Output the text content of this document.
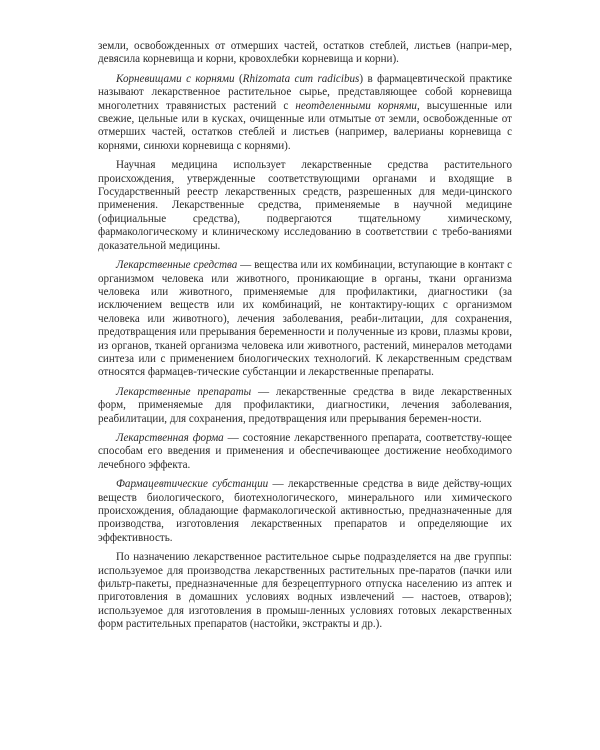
земли, освобожденных от отмерших частей, остатков стеблей, листьев (напри-мер, девясила корневища и корни, кровохлебки корневища и корни).

Корневищами с корнями (Rhizomata cum radicibus) в фармацевтической практике называют лекарственное растительное сырье, представляющее собой корневища многолетних травянистых растений с неотделенными корнями, высушенные или свежие, цельные или в кусках, очищенные или отмытые от земли, освобожденные от отмерших частей, остатков стеблей и листьев (например, валерианы корневища с корнями, синюхи корневища с корнями).

Научная медицина использует лекарственные средства растительного происхождения, утвержденные соответствующими органами и входящие в Государственный реестр лекарственных средств, разрешенных для меди-цинского применения. Лекарственные средства, применяемые в научной медицине (официальные средства), подвергаются тщательному химическому, фармакологическому и клиническому исследованию в соответствии с требо-ваниями доказательной медицины.

Лекарственные средства — вещества или их комбинации, вступающие в контакт с организмом человека или животного, проникающие в органы, ткани организма человека или животного, применяемые для профилактики, диагностики (за исключением веществ или их комбинаций, не контактиру-ющих с организмом человека или животного), лечения заболевания, реаби-литации, для сохранения, предотвращения или прерывания беременности и полученные из крови, плазмы крови, из органов, тканей организма человека или животного, растений, минералов методами синтеза или с применением биологических технологий. К лекарственным средствам относятся фармацев-тические субстанции и лекарственные препараты.

Лекарственные препараты — лекарственные средства в виде лекарственных форм, применяемые для профилактики, диагностики, лечения заболевания, реабилитации, для сохранения, предотвращения или прерывания беремен-ности.

Лекарственная форма — состояние лекарственного препарата, соответству-ющее способам его введения и применения и обеспечивающее достижение необходимого лечебного эффекта.

Фармацевтические субстанции — лекарственные средства в виде действу-ющих веществ биологического, биотехнологического, минерального или химического происхождения, обладающие фармакологической активностью, предназначенные для производства, изготовления лекарственных препаратов и определяющие их эффективность.

По назначению лекарственное растительное сырье подразделяется на две группы: используемое для производства лекарственных растительных пре-паратов (пачки или фильтр-пакеты, предназначенные для безрецептурного отпуска населению из аптек и приготовления в домашних условиях водных извлечений — настоев, отваров); используемое для изготовления в промыш-ленных условиях готовых лекарственных форм растительных препаратов (настойки, экстракты и др.).
